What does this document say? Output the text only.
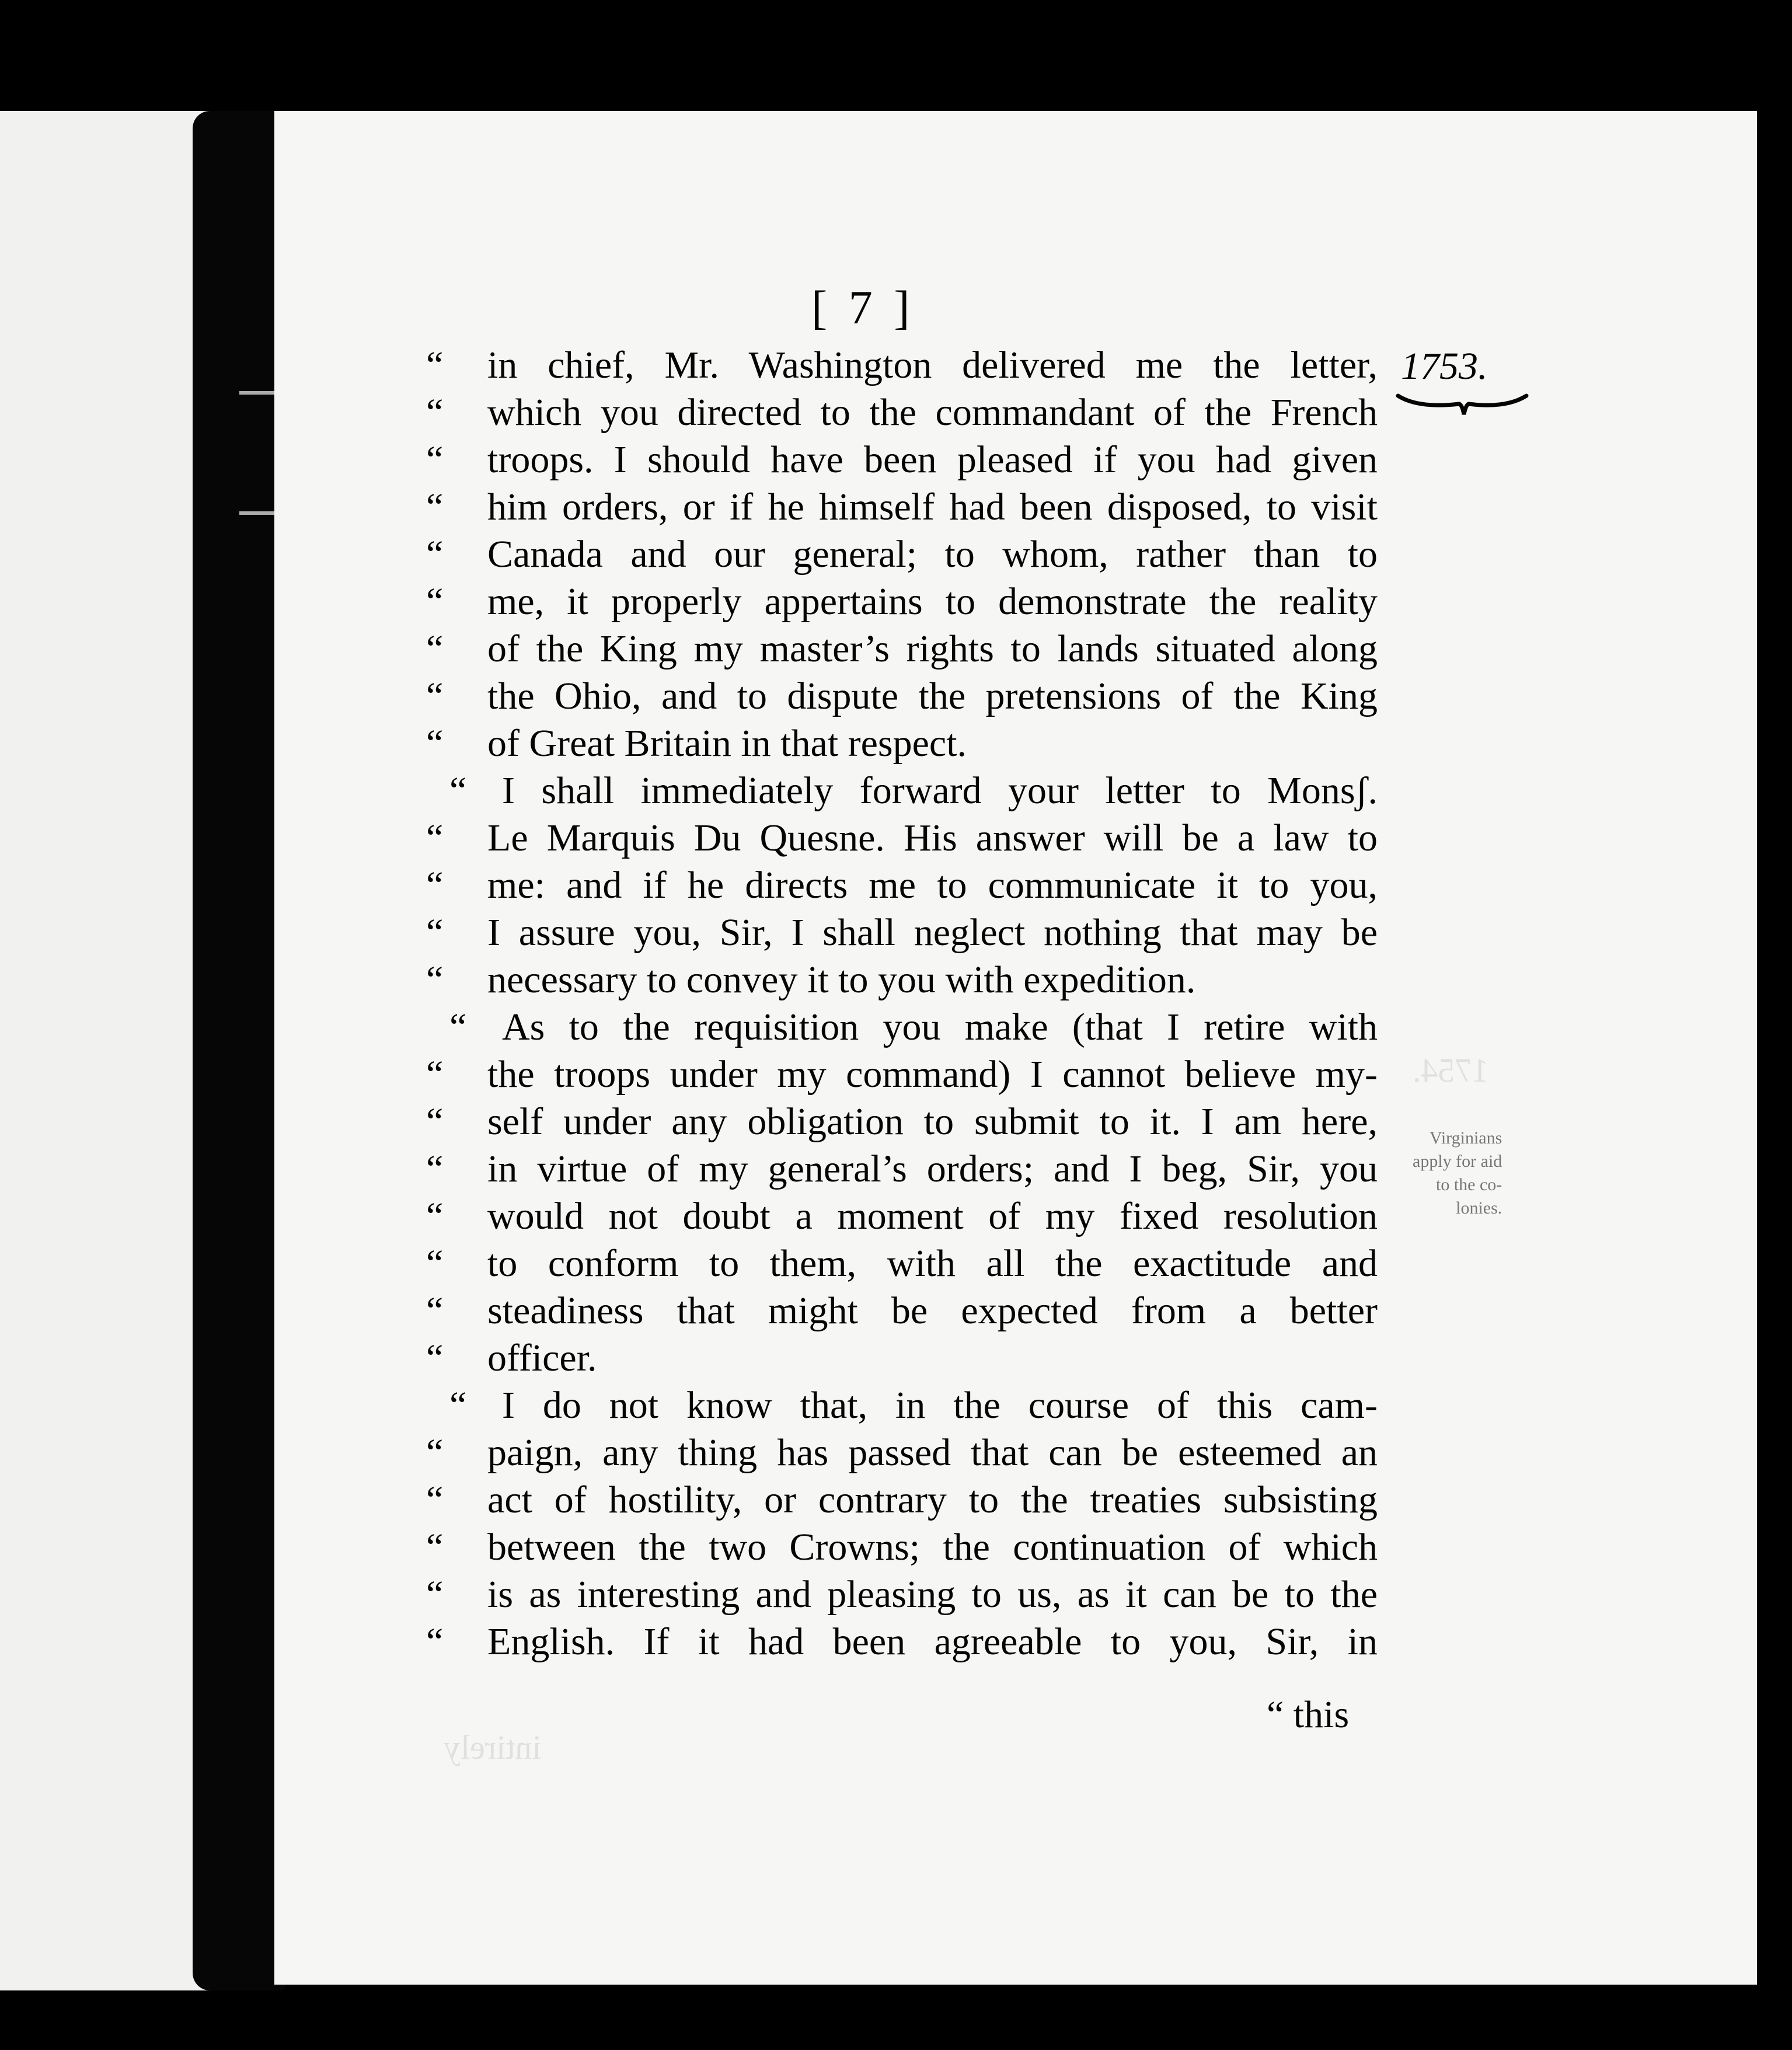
1754.
intirely
[ 7 ]
1753.
Virginians
apply for aid
to the co-
lonies.
“	in chief, Mr. Washington delivered me the letter,
“	which you directed to the commandant of the French
“	troops. I should have been pleased if you had given
“	him orders, or if he himself had been disposed, to visit
“	Canada and our general; to whom, rather than to
“	me, it properly appertains to demonstrate the reality
“	of the King my master’s rights to lands situated along
“	the Ohio, and to dispute the pretensions of the King
“	of Great Britain in that respect.
“ I shall immediately forward your letter to Monsʃ.
“	Le Marquis Du Quesne. His answer will be a law to
“	me: and if he directs me to communicate it to you,
“	I assure you, Sir, I shall neglect nothing that may be
“	necessary to convey it to you with expedition.
“ As to the requisition you make (that I retire with
“	the troops under my command) I cannot believe my-
“	self under any obligation to submit to it. I am here,
“	in virtue of my general’s orders; and I beg, Sir, you
“	would not doubt a moment of my fixed resolution
“	to conform to them, with all the exactitude and
“	steadiness that might be expected from a better
“	officer.
“ I do not know that, in the course of this cam-
“	paign, any thing has passed that can be esteemed an
“	act of hostility, or contrary to the treaties subsisting
“	between the two Crowns; the continuation of which
“	is as interesting and pleasing to us, as it can be to the
“	English. If it had been agreeable to you, Sir, in
“ this
